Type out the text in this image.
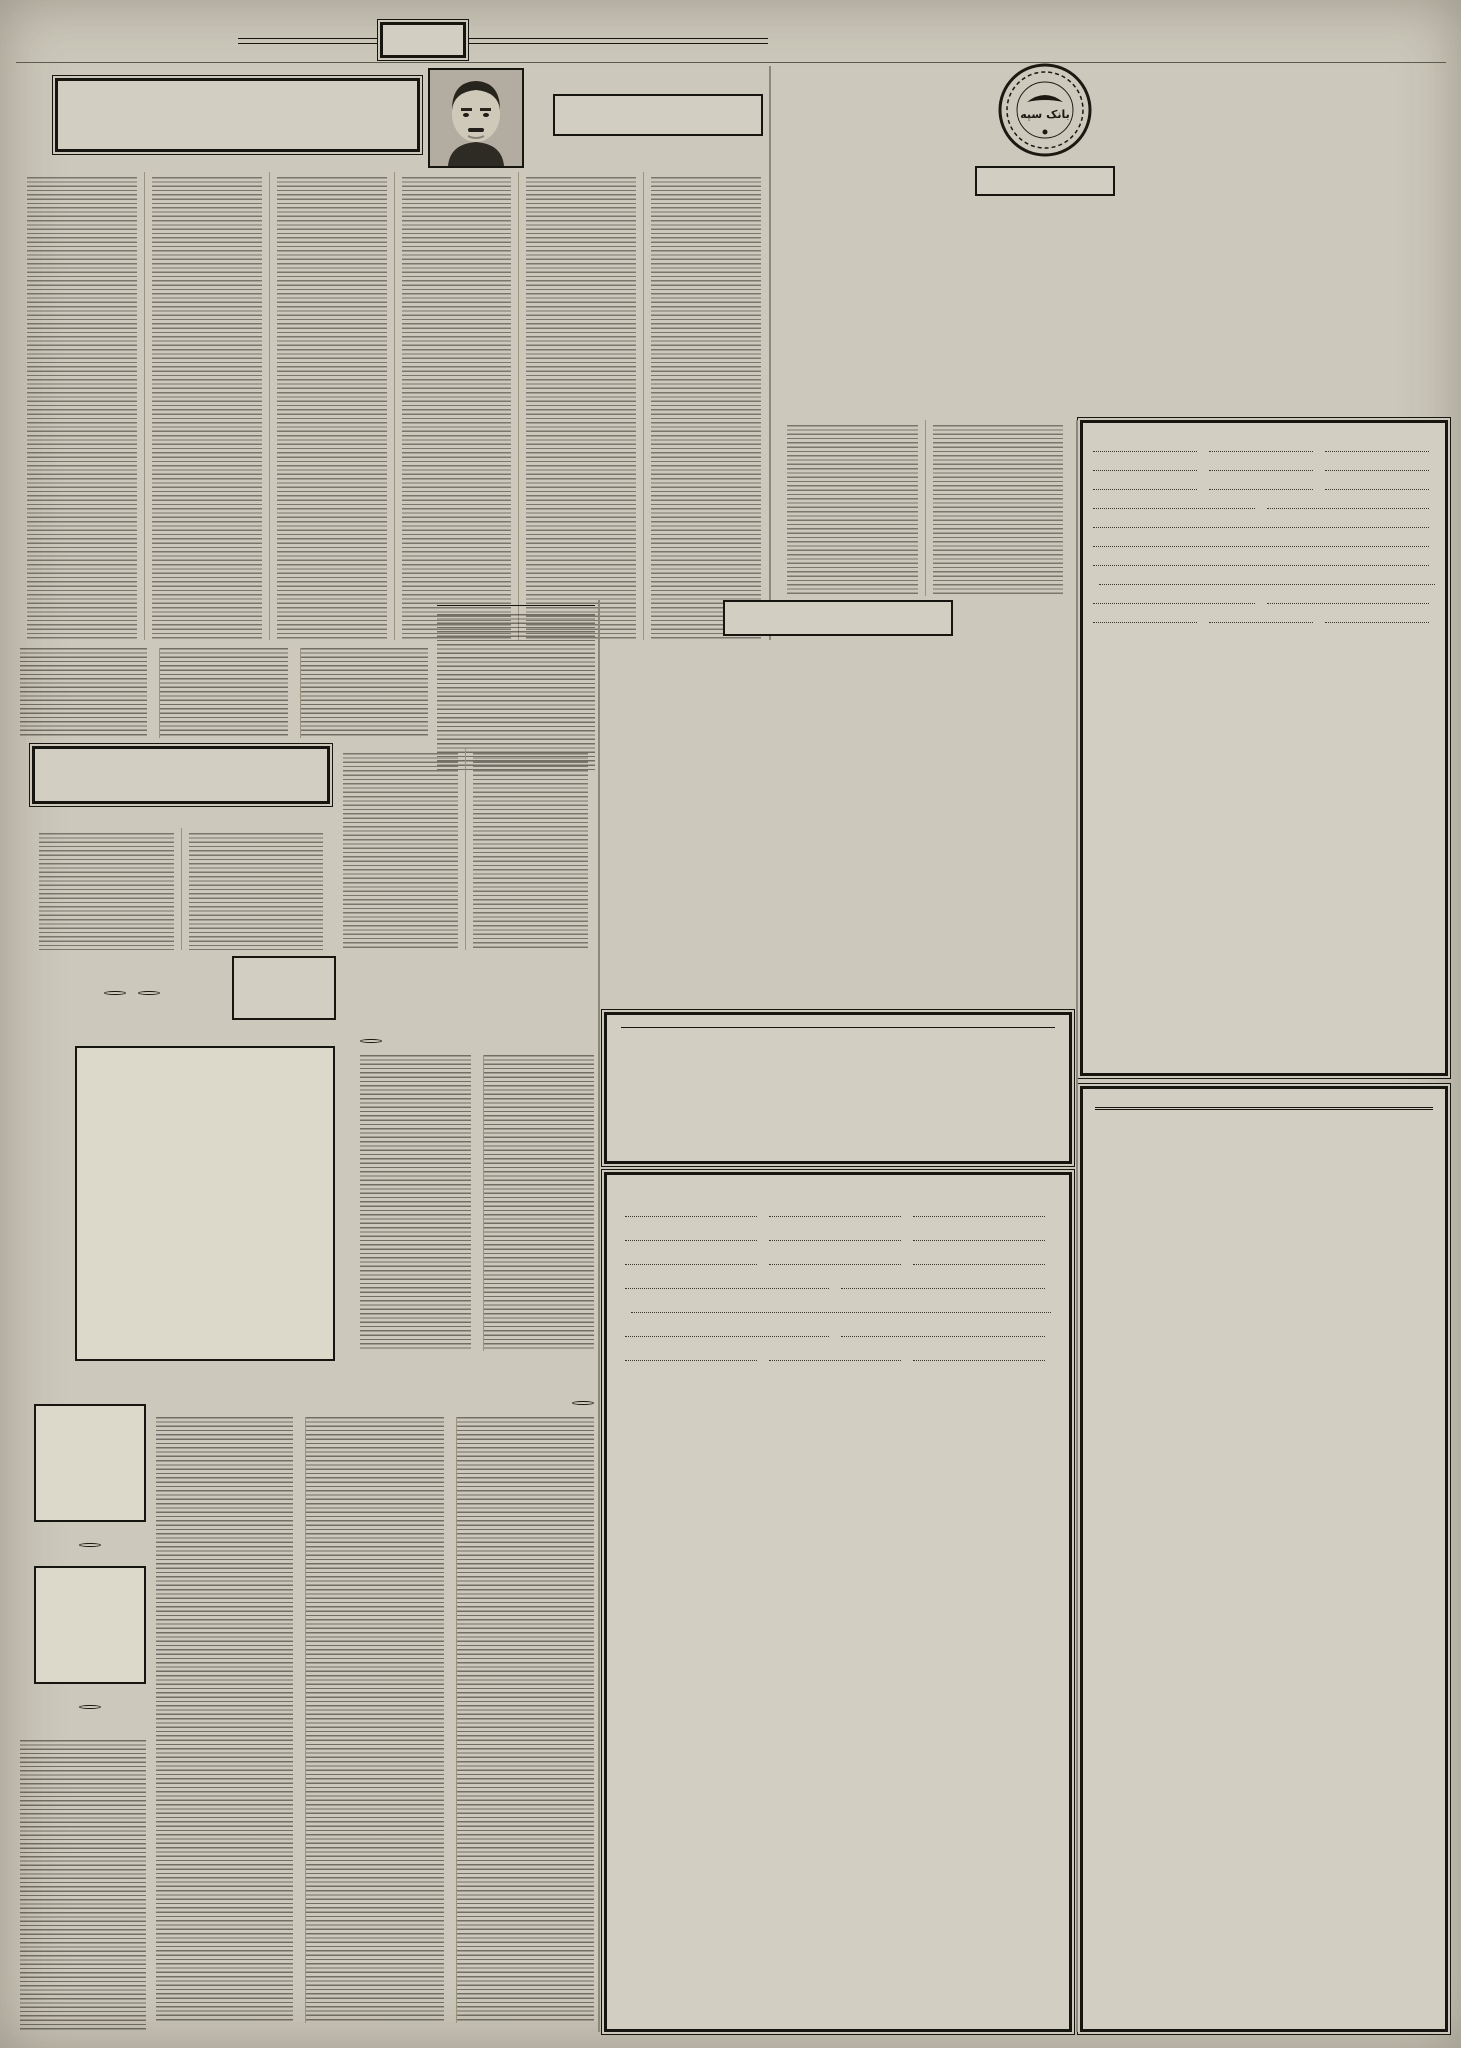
بانک سپه
